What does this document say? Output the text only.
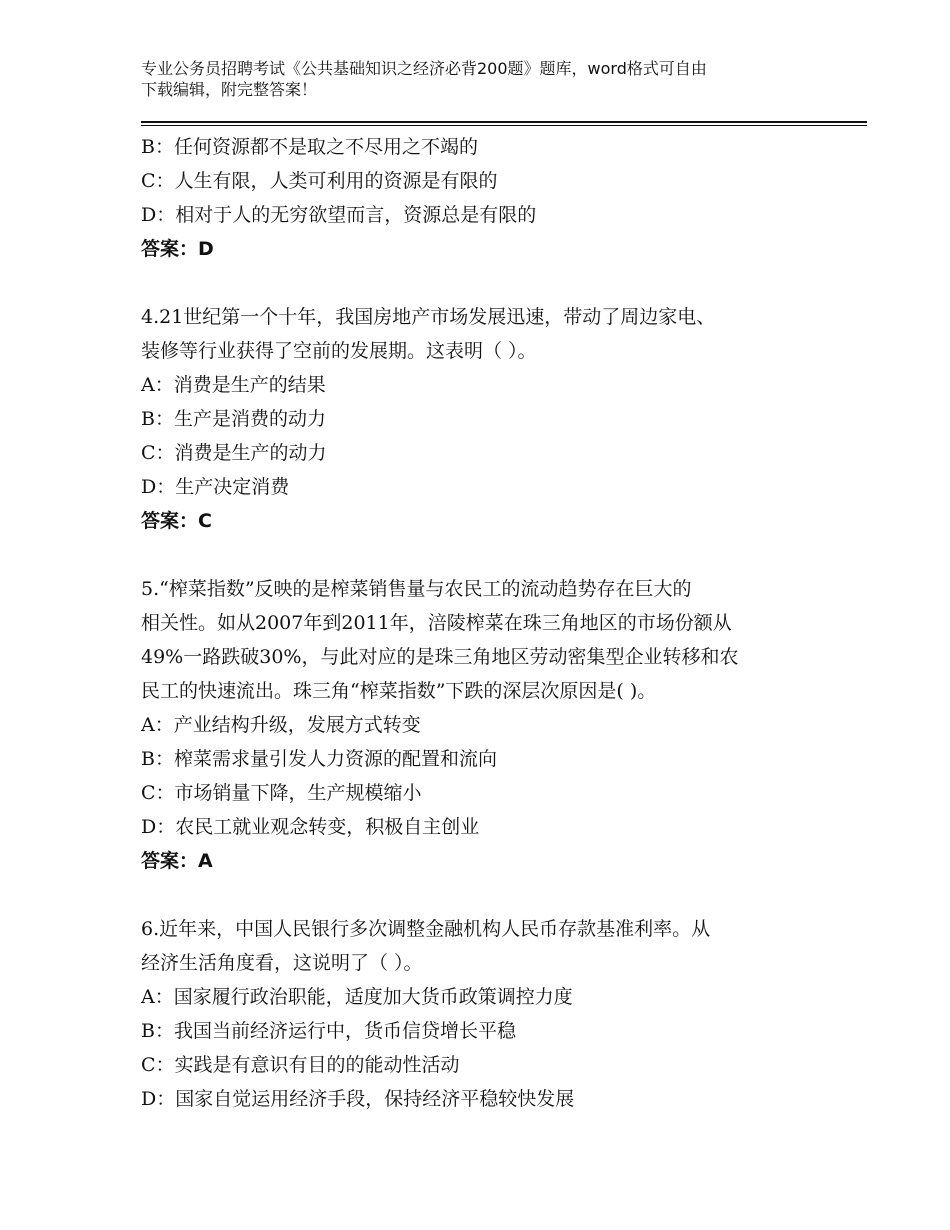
专业公务员招聘考试《公共基础知识之经济必背200题》题库，word格式可自由
下载编辑，附完整答案！
B：任何资源都不是取之不尽用之不竭的
C：人生有限，人类可利用的资源是有限的
D：相对于人的无穷欲望而言，资源总是有限的
答案：D
4.21世纪第一个十年，我国房地产市场发展迅速，带动了周边家电、
装修等行业获得了空前的发展期。这表明（ ）。
A：消费是生产的结果
B：生产是消费的动力
C：消费是生产的动力
D：生产决定消费
答案：C
5.“榨菜指数”反映的是榨菜销售量与农民工的流动趋势存在巨大的
相关性。如从2007年到2011年，涪陵榨菜在珠三角地区的市场份额从
49%一路跌破30%，与此对应的是珠三角地区劳动密集型企业转移和农
民工的快速流出。珠三角“榨菜指数”下跌的深层次原因是( )。
A：产业结构升级，发展方式转变
B：榨菜需求量引发人力资源的配置和流向
C：市场销量下降，生产规模缩小
D：农民工就业观念转变，积极自主创业
答案：A
6.近年来，中国人民银行多次调整金融机构人民币存款基准利率。从
经济生活角度看，这说明了（ ）。
A：国家履行政治职能，适度加大货币政策调控力度
B：我国当前经济运行中，货币信贷增长平稳
C：实践是有意识有目的的能动性活动
D：国家自觉运用经济手段，保持经济平稳较快发展
